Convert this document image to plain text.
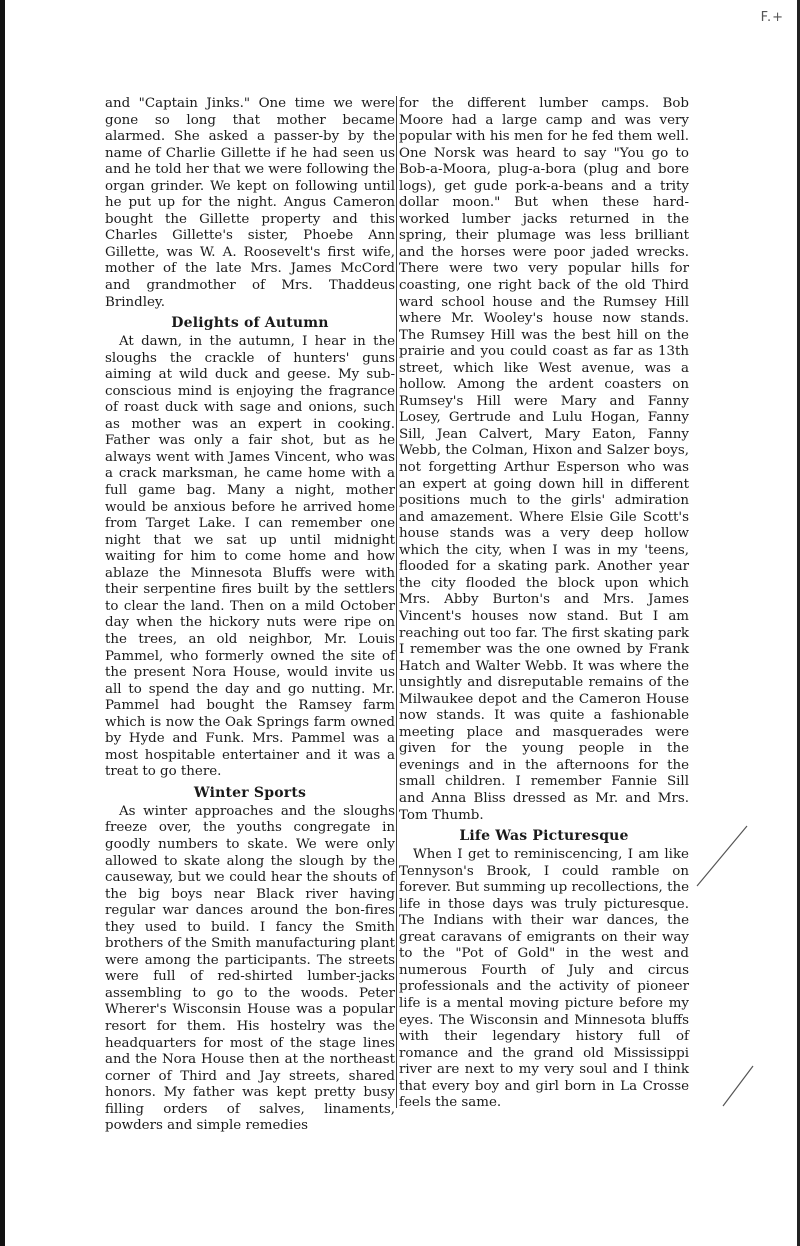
F.+

and "Captain Jinks." One time we were gone so long that mother became alarmed. She asked a passer-by by the name of Charlie Gillette if he had seen us and he told her that we were following the organ grinder. We kept on following until he put up for the night. Angus Cameron bought the Gillette property and this Charles Gillette's sister, Phoebe Ann Gillette, was W. A. Roosevelt's first wife, mother of the late Mrs. James McCord and grandmother of Mrs. Thaddeus Brindley.

Delights of Autumn

At dawn, in the autumn, I hear in the sloughs the crackle of hunters' guns aiming at wild duck and geese. My sub-conscious mind is enjoying the fragrance of roast duck with sage and onions, such as mother was an expert in cooking. Father was only a fair shot, but as he always went with James Vincent, who was a crack marksman, he came home with a full game bag. Many a night, mother would be anxious before he arrived home from Target Lake. I can remember one night that we sat up until midnight waiting for him to come home and how ablaze the Minnesota Bluffs were with their serpentine fires built by the settlers to clear the land. Then on a mild October day when the hickory nuts were ripe on the trees, an old neighbor, Mr. Louis Pammel, who formerly owned the site of the present Nora House, would invite us all to spend the day and go nutting. Mr. Pammel had bought the Ramsey farm which is now the Oak Springs farm owned by Hyde and Funk. Mrs. Pammel was a most hospitable entertainer and it was a treat to go there.

Winter Sports

As winter approaches and the sloughs freeze over, the youths congregate in goodly numbers to skate. We were only allowed to skate along the slough by the causeway, but we could hear the shouts of the big boys near Black river having regular war dances around the bon-fires they used to build. I fancy the Smith brothers of the Smith manufacturing plant were among the participants. The streets were full of red-shirted lumber-jacks assembling to go to the woods. Peter Wherer's Wisconsin House was a popular resort for them. His hostelry was the headquarters for most of the stage lines and the Nora House then at the northeast corner of Third and Jay streets, shared honors. My father was kept pretty busy filling orders of salves, linaments, powders and simple remedies

for the different lumber camps. Bob Moore had a large camp and was very popular with his men for he fed them well. One Norsk was heard to say "You go to Bob-a-Moora, plug-a-bora (plug and bore logs), get gude pork-a-beans and a trity dollar moon." But when these hard-worked lumber jacks returned in the spring, their plumage was less brilliant and the horses were poor jaded wrecks. There were two very popular hills for coasting, one right back of the old Third ward school house and the Rumsey Hill where Mr. Wooley's house now stands. The Rumsey Hill was the best hill on the prairie and you could coast as far as 13th street, which like West avenue, was a hollow. Among the ardent coasters on Rumsey's Hill were Mary and Fanny Losey, Gertrude and Lulu Hogan, Fanny Sill, Jean Calvert, Mary Eaton, Fanny Webb, the Colman, Hixon and Salzer boys, not forgetting Arthur Esperson who was an expert at going down hill in different positions much to the girls' admiration and amazement. Where Elsie Gile Scott's house stands was a very deep hollow which the city, when I was in my 'teens, flooded for a skating park. Another year the city flooded the block upon which Mrs. Abby Burton's and Mrs. James Vincent's houses now stand. But I am reaching out too far. The first skating park I remember was the one owned by Frank Hatch and Walter Webb. It was where the unsightly and disreputable remains of the Milwaukee depot and the Cameron House now stands. It was quite a fashionable meeting place and masquerades were given for the young people in the evenings and in the afternoons for the small children. I remember Fannie Sill and Anna Bliss dressed as Mr. and Mrs. Tom Thumb.

Life Was Picturesque

When I get to reminiscencing, I am like Tennyson's Brook, I could ramble on forever. But summing up recollections, the life in those days was truly picturesque. The Indians with their war dances, the great caravans of emigrants on their way to the "Pot of Gold" in the west and numerous Fourth of July and circus professionals and the activity of pioneer life is a mental moving picture before my eyes. The Wisconsin and Minnesota bluffs with their legendary history full of romance and the grand old Mississippi river are next to my very soul and I think that every boy and girl born in La Crosse feels the same.
